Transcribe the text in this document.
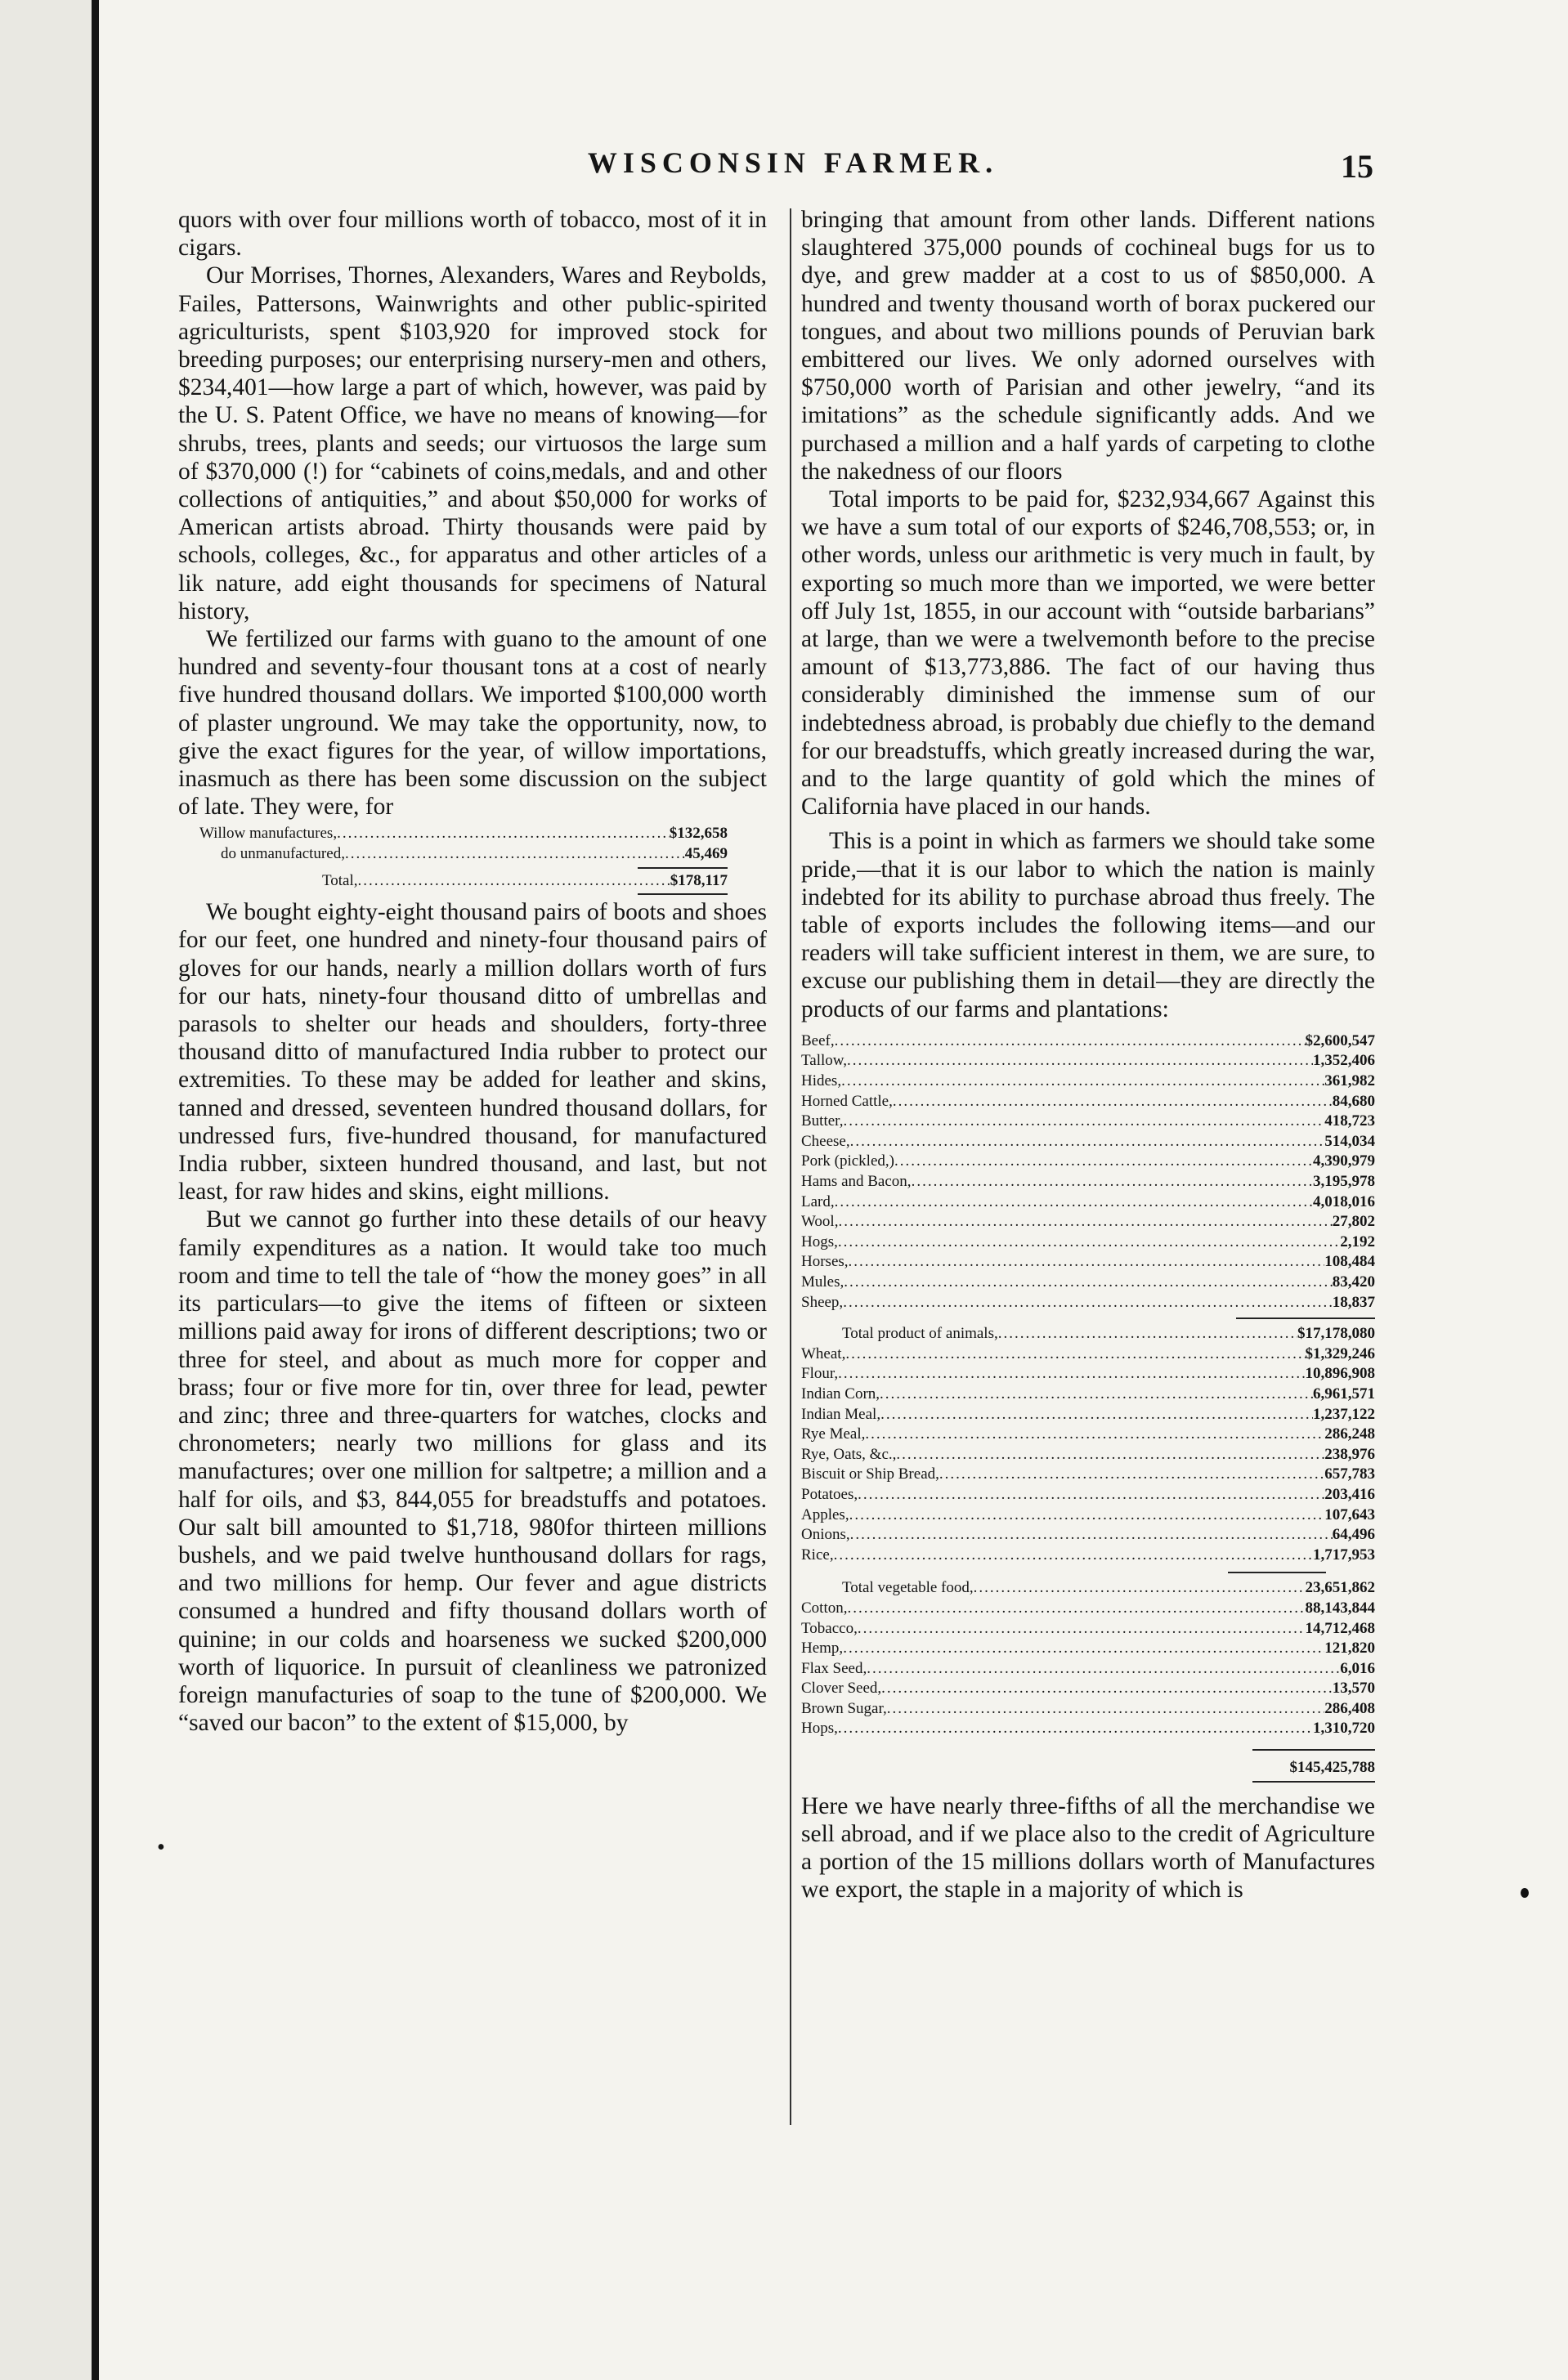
WISCONSIN FARMER.	15
•

quors with over four millions worth of tobacco, most of it in cigars.

Our Morrises, Thornes, Alexanders, Wares and Reybolds, Failes, Pattersons, Wainwrights and other public-spirited agriculturists, spent $103,920 for improved stock for breeding purposes; our enterprising nursery-men and others, $234,401—how large a part of which, however, was paid by the U. S. Patent Office, we have no means of knowing—for shrubs, trees, plants and seeds; our virtuosos the large sum of $370,000 (!) for “cabinets of coins,medals, and and other collections of antiquities,” and about $50,000 for works of American artists abroad. Thirty thousands were paid by schools, colleges, &c., for apparatus and other articles of a lik nature, add eight thousands for specimens of Natural history,

We fertilized our farms with guano to the amount of one hundred and seventy-four thousant tons at a cost of nearly five hundred thousand dollars. We imported $100,000 worth of plaster unground. We may take the opportunity, now, to give the exact figures for the year, of willow importations, inasmuch as there has been some discussion on the subject of late. They were, for

Willow manufactures, .....	$132,658
do unmanufactured, .....	45,469
Total, .....	$178,117

We bought eighty-eight thousand pairs of boots and shoes for our feet, one hundred and ninety-four thousand pairs of gloves for our hands, nearly a million dollars worth of furs for our hats, ninety-four thousand ditto of umbrellas and parasols to shelter our heads and shoulders, forty-three thousand ditto of manufactured India rubber to protect our extremities. To these may be added for leather and skins, tanned and dressed, seventeen hundred thousand dollars, for undressed furs, five-hundred thousand, for manufactured India rubber, sixteen hundred thousand, and last, but not least, for raw hides and skins, eight millions.

But we cannot go further into these details of our heavy family expenditures as a nation. It would take too much room and time to tell the tale of “how the money goes” in all its particulars—to give the items of fifteen or sixteen millions paid away for irons of different descriptions; two or three for steel, and about as much more for copper and brass; four or five more for tin, over three for lead, pewter and zinc; three and three-quarters for watches, clocks and chronometers; nearly two millions for glass and its manufactures; over one million for saltpetre; a million and a half for oils, and $3, 844,055 for breadstuffs and potatoes. Our salt bill amounted to $1,718, 980for thirteen millions bushels, and we paid twelve hunthousand dollars for rags, and two millions for hemp. Our fever and ague districts consumed a hundred and fifty thousand dollars worth of quinine; in our colds and hoarseness we sucked $200,000 worth of liquorice. In pursuit of cleanliness we patronized foreign manufacturies of soap to the tune of $200,000. We “saved our bacon” to the extent of $15,000, by

bringing that amount from other lands. Different nations slaughtered 375,000 pounds of cochineal bugs for us to dye, and grew madder at a cost to us of $850,000. A hundred and twenty thousand worth of borax puckered our tongues, and about two millions pounds of Peruvian bark embittered our lives. We only adorned ourselves with $750,000 worth of Parisian and other jewelry, “and its imitations” as the schedule significantly adds. And we purchased a million and a half yards of carpeting to clothe the nakedness of our floors

Total imports to be paid for, $232,934,667 Against this we have a sum total of our exports of $246,708,553; or, in other words, unless our arithmetic is very much in fault, by exporting so much more than we imported, we were better off July 1st, 1855, in our account with “outside barbarians” at large, than we were a twelvemonth before to the precise amount of $13,773,886. The fact of our having thus considerably diminished the immense sum of our indebtedness abroad, is probably due chiefly to the demand for our breadstuffs, which greatly increased during the war, and to the large quantity of gold which the mines of California have placed in our hands.

This is a point in which as farmers we should take some pride,—that it is our labor to which the nation is mainly indebted for its ability to purchase abroad thus freely. The table of exports includes the following items—and our readers will take sufficient interest in them, we are sure, to excuse our publishing them in detail—they are directly the products of our farms and plantations:

Beef, .....	$2,600,547
Tallow, .....	1,352,406
Hides, .....	361,982
Horned Cattle, .....	84,680
Butter, .....	418,723
Cheese, .....	514,034
Pork (pickled,) .....	4,390,979
Hams and Bacon, .....	3,195,978
Lard, .....	4,018,016
Wool, .....	27,802
Hogs, .....	2,192
Horses, .....	108,484
Mules, .....	83,420
Sheep, .....	18,837
Total product of animals, .....	$17,178,080
Wheat, .....	$1,329,246
Flour, .....	10,896,908
Indian Corn, .....	6,961,571
Indian Meal, .....	1,237,122
Rye Meal, .....	286,248
Rye, Oats, &c., .....	238,976
Biscuit or Ship Bread, .....	657,783
Potatoes, .....	203,416
Apples, .....	107,643
Onions, .....	64,496
Rice, .....	1,717,953
Total vegetable food, .....	23,651,862
Cotton, .....	88,143,844
Tobacco, .....	14,712,468
Hemp, .....	121,820
Flax Seed, .....	6,016
Clover Seed, .....	13,570
Brown Sugar, .....	286,408
Hops, .....	1,310,720
$145,425,788

Here we have nearly three-fifths of all the merchandise we sell abroad, and if we place also to the credit of Agriculture a portion of the 15 millions dollars worth of Manufactures we export, the staple in a majority of which is
